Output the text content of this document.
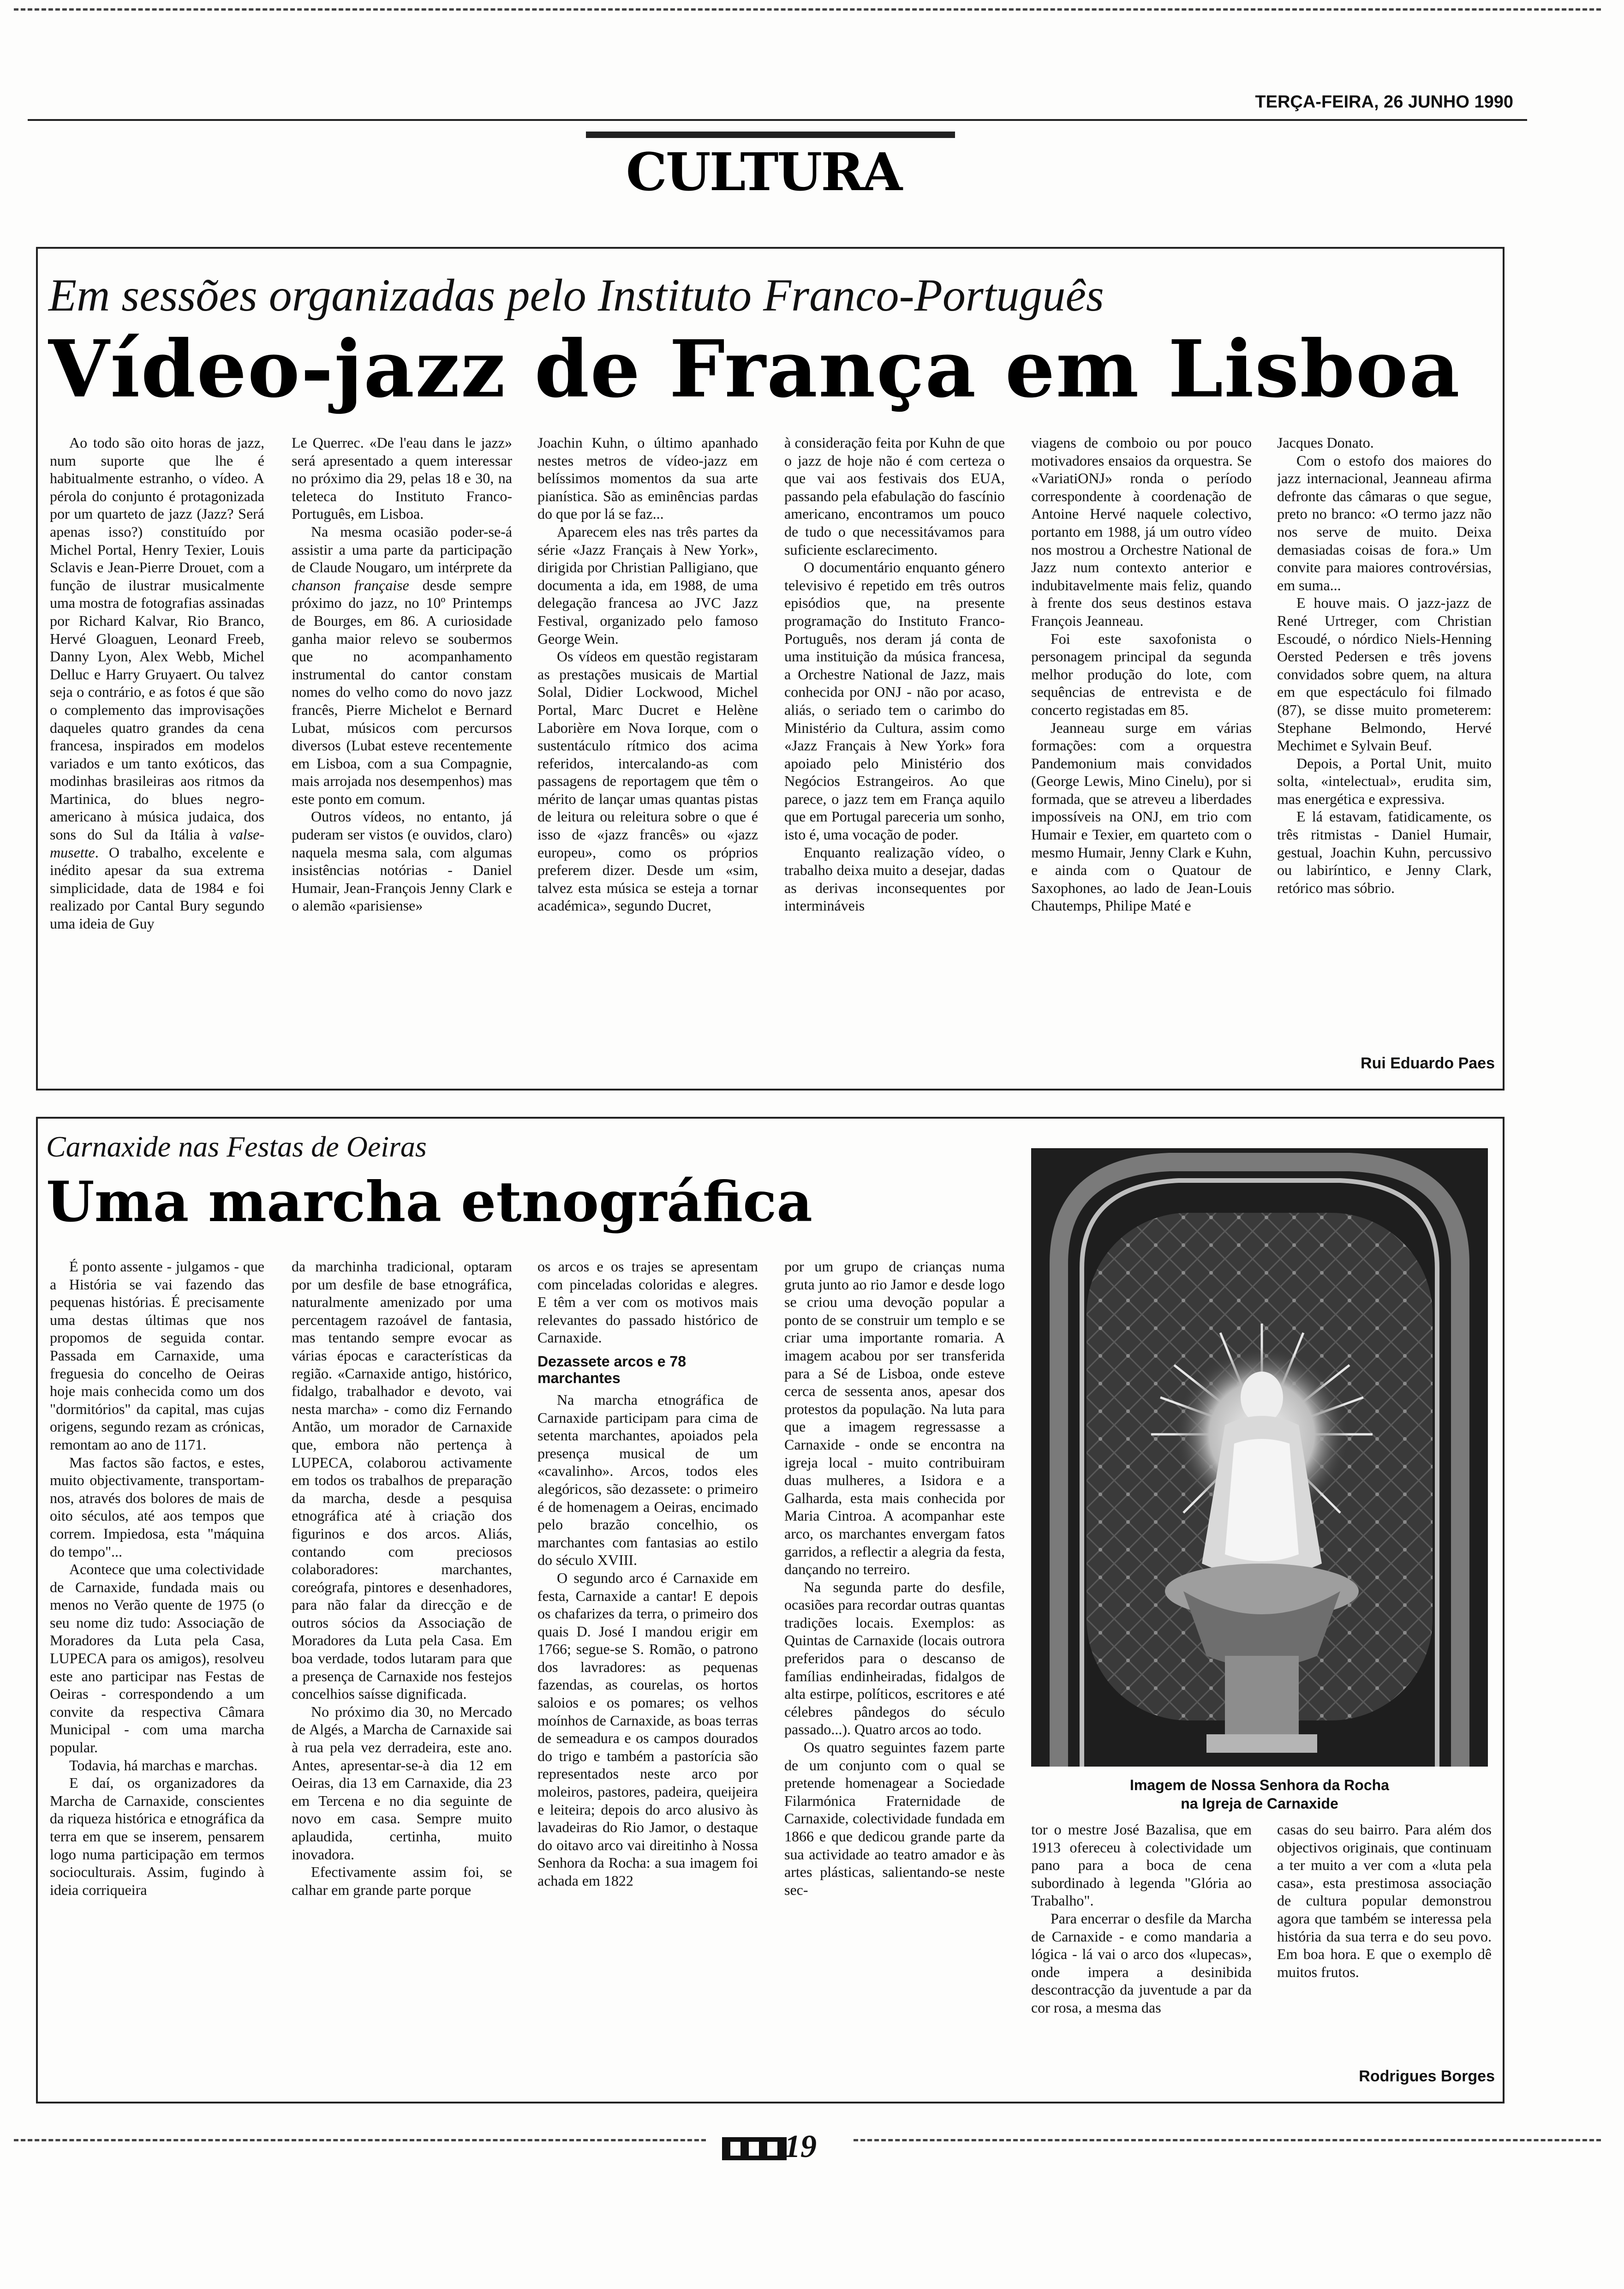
TERÇA-FEIRA, 26 JUNHO 1990
CULTURA
Em sessões organizadas pelo Instituto Franco-Português
Vídeo-jazz de França em Lisboa

Ao todo são oito horas de jazz, num suporte que lhe é habitualmente estranho, o vídeo. A pérola do conjunto é protagonizada por um quarteto de jazz (Jazz? Será apenas isso?) constituído por Michel Portal, Henry Texier, Louis Sclavis e Jean-Pierre Drouet, com a função de ilustrar musicalmente uma mostra de fotografias assinadas por Richard Kalvar, Rio Branco, Hervé Gloaguen, Leonard Freeb, Danny Lyon, Alex Webb, Michel Delluc e Harry Gruyaert. Ou talvez seja o contrário, e as fotos é que são o complemento das improvisações daqueles quatro grandes da cena francesa, inspirados em modelos variados e um tanto exóticos, das modinhas brasileiras aos ritmos da Martinica, do blues negro-americano à música judaica, dos sons do Sul da Itália à valse-musette. O trabalho, excelente e inédito apesar da sua extrema simplicidade, data de 1984 e foi realizado por Cantal Bury segundo uma ideia de Guy

Le Querrec. «De l'eau dans le jazz» será apresentado a quem interessar no próximo dia 29, pelas 18 e 30, na teleteca do Instituto Franco-Português, em Lisboa.

Na mesma ocasião poder-se-á assistir a uma parte da participação de Claude Nougaro, um intérprete da chanson française desde sempre próximo do jazz, no 10º Printemps de Bourges, em 86. A curiosidade ganha maior relevo se soubermos que no acompanhamento instrumental do cantor constam nomes do velho como do novo jazz francês, Pierre Michelot e Bernard Lubat, músicos com percursos diversos (Lubat esteve recentemente em Lisboa, com a sua Compagnie, mais arrojada nos desempenhos) mas este ponto em comum.

Outros vídeos, no entanto, já puderam ser vistos (e ouvidos, claro) naquela mesma sala, com algumas insistências notórias - Daniel Humair, Jean-François Jenny Clark e o alemão «parisiense»

Joachin Kuhn, o último apanhado nestes metros de vídeo-jazz em belíssimos momentos da sua arte pianística. São as eminências pardas do que por lá se faz...

Aparecem eles nas três partes da série «Jazz Français à New York», dirigida por Christian Palligiano, que documenta a ida, em 1988, de uma delegação francesa ao JVC Jazz Festival, organizado pelo famoso George Wein.

Os vídeos em questão registaram as prestações musicais de Martial Solal, Didier Lockwood, Michel Portal, Marc Ducret e Helène Laborière em Nova Iorque, com o sustentáculo rítmico dos acima referidos, intercalando-as com passagens de reportagem que têm o mérito de lançar umas quantas pistas de leitura ou releitura sobre o que é isso de «jazz francês» ou «jazz europeu», como os próprios preferem dizer. Desde um «sim, talvez esta música se esteja a tornar académica», segundo Ducret,

à consideração feita por Kuhn de que o jazz de hoje não é com certeza o que vai aos festivais dos EUA, passando pela efabulação do fascínio americano, encontramos um pouco de tudo o que necessitávamos para suficiente esclarecimento.

O documentário enquanto género televisivo é repetido em três outros episódios que, na presente programação do Instituto Franco-Português, nos deram já conta de uma instituição da música francesa, a Orchestre National de Jazz, mais conhecida por ONJ - não por acaso, aliás, o seriado tem o carimbo do Ministério da Cultura, assim como «Jazz Français à New York» fora apoiado pelo Ministério dos Negócios Estrangeiros. Ao que parece, o jazz tem em França aquilo que em Portugal pareceria um sonho, isto é, uma vocação de poder.

Enquanto realização vídeo, o trabalho deixa muito a desejar, dadas as derivas inconsequentes por intermináveis

viagens de comboio ou por pouco motivadores ensaios da orquestra. Se «VariatiONJ» ronda o período correspondente à coordenação de Antoine Hervé naquele colectivo, portanto em 1988, já um outro vídeo nos mostrou a Orchestre National de Jazz num contexto anterior e indubitavelmente mais feliz, quando à frente dos seus destinos estava François Jeanneau.

Foi este saxofonista o personagem principal da segunda melhor produção do lote, com sequências de entrevista e de concerto registadas em 85.

Jeanneau surge em várias formações: com a orquestra Pandemonium mais convidados (George Lewis, Mino Cinelu), por si formada, que se atreveu a liberdades impossíveis na ONJ, em trio com Humair e Texier, em quarteto com o mesmo Humair, Jenny Clark e Kuhn, e ainda com o Quatour de Saxophones, ao lado de Jean-Louis Chautemps, Philipe Maté e

Jacques Donato.

Com o estofo dos maiores do jazz internacional, Jeanneau afirma defronte das câmaras o que segue, preto no branco: «O termo jazz não nos serve de muito. Deixa demasiadas coisas de fora.» Um convite para maiores controvérsias, em suma...

E houve mais. O jazz-jazz de René Urtreger, com Christian Escoudé, o nórdico Niels-Henning Oersted Pedersen e três jovens convidados sobre quem, na altura em que espectáculo foi filmado (87), se disse muito prometerem: Stephane Belmondo, Hervé Mechimet e Sylvain Beuf.

Depois, a Portal Unit, muito solta, «intelectual», erudita sim, mas energética e expressiva.

E lá estavam, fatidicamente, os três ritmistas - Daniel Humair, gestual, Joachin Kuhn, percussivo ou labiríntico, e Jenny Clark, retórico mas sóbrio.

Rui Eduardo Paes
Carnaxide nas Festas de Oeiras
Uma marcha etnográfica

É ponto assente - julgamos - que a História se vai fazendo das pequenas histórias. É precisamente uma destas últimas que nos propomos de seguida contar. Passada em Carnaxide, uma freguesia do concelho de Oeiras hoje mais conhecida como um dos "dormitórios" da capital, mas cujas origens, segundo rezam as crónicas, remontam ao ano de 1171.

Mas factos são factos, e estes, muito objectivamente, transportam-nos, através dos bolores de mais de oito séculos, até aos tempos que correm. Impiedosa, esta "máquina do tempo"...

Acontece que uma colectividade de Carnaxide, fundada mais ou menos no Verão quente de 1975 (o seu nome diz tudo: Associação de Moradores da Luta pela Casa, LUPECA para os amigos), resolveu este ano participar nas Festas de Oeiras - correspondendo a um convite da respectiva Câmara Municipal - com uma marcha popular.

Todavia, há marchas e marchas.

E daí, os organizadores da Marcha de Carnaxide, conscientes da riqueza histórica e etnográfica da terra em que se inserem, pensarem logo numa participação em termos socioculturais. Assim, fugindo à ideia corriqueira

da marchinha tradicional, optaram por um desfile de base etnográfica, naturalmente amenizado por uma percentagem razoável de fantasia, mas tentando sempre evocar as várias épocas e características da região. «Carnaxide antigo, histórico, fidalgo, trabalhador e devoto, vai nesta marcha» - como diz Fernando Antão, um morador de Carnaxide que, embora não pertença à LUPECA, colaborou activamente em todos os trabalhos de preparação da marcha, desde a pesquisa etnográfica até à criação dos figurinos e dos arcos. Aliás, contando com preciosos colaboradores: marchantes, coreógrafa, pintores e desenhadores, para não falar da direcção e de outros sócios da Associação de Moradores da Luta pela Casa. Em boa verdade, todos lutaram para que a presença de Carnaxide nos festejos concelhios saísse dignificada.

No próximo dia 30, no Mercado de Algés, a Marcha de Carnaxide sai à rua pela vez derradeira, este ano. Antes, apresentar-se-à dia 12 em Oeiras, dia 13 em Carnaxide, dia 23 em Tercena e no dia seguinte de novo em casa. Sempre muito aplaudida, certinha, muito inovadora.

Efectivamente assim foi, se calhar em grande parte porque

os arcos e os trajes se apresentam com pinceladas coloridas e alegres. E têm a ver com os motivos mais relevantes do passado histórico de Carnaxide.

Dezassete arcos e 78 marchantes

Na marcha etnográfica de Carnaxide participam para cima de setenta marchantes, apoiados pela presença musical de um «cavalinho». Arcos, todos eles alegóricos, são dezassete: o primeiro é de homenagem a Oeiras, encimado pelo brazão concelhio, os marchantes com fantasias ao estilo do século XVIII.

O segundo arco é Carnaxide em festa, Carnaxide a cantar! E depois os chafarizes da terra, o primeiro dos quais D. José I mandou erigir em 1766; segue-se S. Romão, o patrono dos lavradores: as pequenas fazendas, as courelas, os hortos saloios e os pomares; os velhos moínhos de Carnaxide, as boas terras de semeadura e os campos dourados do trigo e também a pastorícia são representados neste arco por moleiros, pastores, padeira, queijeira e leiteira; depois do arco alusivo às lavadeiras do Rio Jamor, o destaque do oitavo arco vai direitinho à Nossa Senhora da Rocha: a sua imagem foi achada em 1822

por um grupo de crianças numa gruta junto ao rio Jamor e desde logo se criou uma devoção popular a ponto de se construir um templo e se criar uma importante romaria. A imagem acabou por ser transferida para a Sé de Lisboa, onde esteve cerca de sessenta anos, apesar dos protestos da população. Na luta para que a imagem regressasse a Carnaxide - onde se encontra na igreja local - muito contribuiram duas mulheres, a Isidora e a Galharda, esta mais conhecida por Maria Cintroa. A acompanhar este arco, os marchantes envergam fatos garridos, a reflectir a alegria da festa, dançando no terreiro.

Na segunda parte do desfile, ocasiões para recordar outras quantas tradições locais. Exemplos: as Quintas de Carnaxide (locais outrora preferidos para o descanso de famílias endinheiradas, fidalgos de alta estirpe, políticos, escritores e até célebres pândegos do século passado...). Quatro arcos ao todo.

Os quatro seguintes fazem parte de um conjunto com o qual se pretende homenagear a Sociedade Filarmónica Fraternidade de Carnaxide, colectividade fundada em 1866 e que dedicou grande parte da sua actividade ao teatro amador e às artes plásticas, salientando-se neste sec-

tor o mestre José Bazalisa, que em 1913 ofereceu à colectividade um pano para a boca de cena subordinado à legenda "Glória ao Trabalho".

Para encerrar o desfile da Marcha de Carnaxide - e como mandaria a lógica - lá vai o arco dos «lupecas», onde impera a desinibida descontracção da juventude a par da cor rosa, a mesma das

casas do seu bairro. Para além dos objectivos originais, que continuam a ter muito a ver com a «luta pela casa», esta prestimosa associação de cultura popular demonstrou agora que também se interessa pela história da sua terra e do seu povo. Em boa hora. E que o exemplo dê muitos frutos.

Rodrigues Borges
Imagem de Nossa Senhora da Rocha
na Igreja de Carnaxide
19
